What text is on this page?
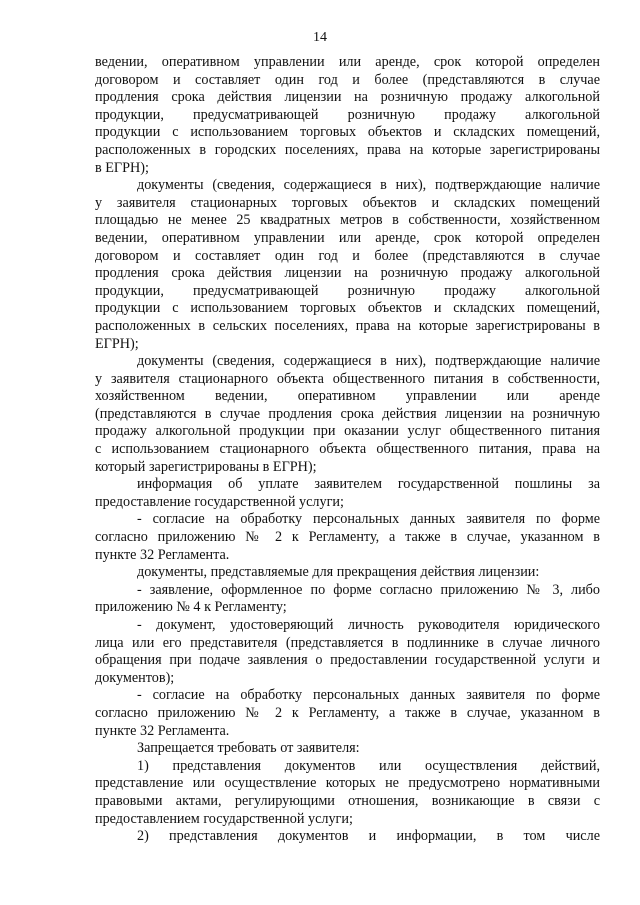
14
ведении, оперативном управлении или аренде, срок которой определен
договором и составляет один год и более (представляются в случае
продления срока действия лицензии на розничную продажу алкогольной
продукции, предусматривающей розничную продажу алкогольной
продукции с использованием торговых объектов и складских помещений,
расположенных в городских поселениях, права на которые зарегистрированы
в ЕГРН);
документы (сведения, содержащиеся в них), подтверждающие наличие
у заявителя стационарных торговых объектов и складских помещений
площадью не менее 25 квадратных метров в собственности, хозяйственном
ведении, оперативном управлении или аренде, срок которой определен
договором и составляет один год и более (представляются в случае
продления срока действия лицензии на розничную продажу алкогольной
продукции, предусматривающей розничную продажу алкогольной
продукции с использованием торговых объектов и складских помещений,
расположенных в сельских поселениях, права на которые зарегистрированы в
ЕГРН);
документы (сведения, содержащиеся в них), подтверждающие наличие
у заявителя стационарного объекта общественного питания в собственности,
хозяйственном ведении, оперативном управлении или аренде
(представляются в случае продления срока действия лицензии на розничную
продажу алкогольной продукции при оказании услуг общественного питания
с использованием стационарного объекта общественного питания, права на
который зарегистрированы в ЕГРН);
информация об уплате заявителем государственной пошлины за
предоставление государственной услуги;
- согласие на обработку персональных данных заявителя по форме
согласно приложению № 2 к Регламенту, а также в случае, указанном в
пункте 32 Регламента.
документы, представляемые для прекращения действия лицензии:
- заявление, оформленное по форме согласно приложению № 3, либо
приложению № 4 к Регламенту;
- документ, удостоверяющий личность руководителя юридического
лица или его представителя (представляется в подлиннике в случае личного
обращения при подаче заявления о предоставлении государственной услуги и
документов);
- согласие на обработку персональных данных заявителя по форме
согласно приложению № 2 к Регламенту, а также в случае, указанном в
пункте 32 Регламента.
Запрещается требовать от заявителя:
1) представления документов или осуществления действий,
представление или осуществление которых не предусмотрено нормативными
правовыми актами, регулирующими отношения, возникающие в связи с
предоставлением государственной услуги;
2) представления документов и информации, в том числе
